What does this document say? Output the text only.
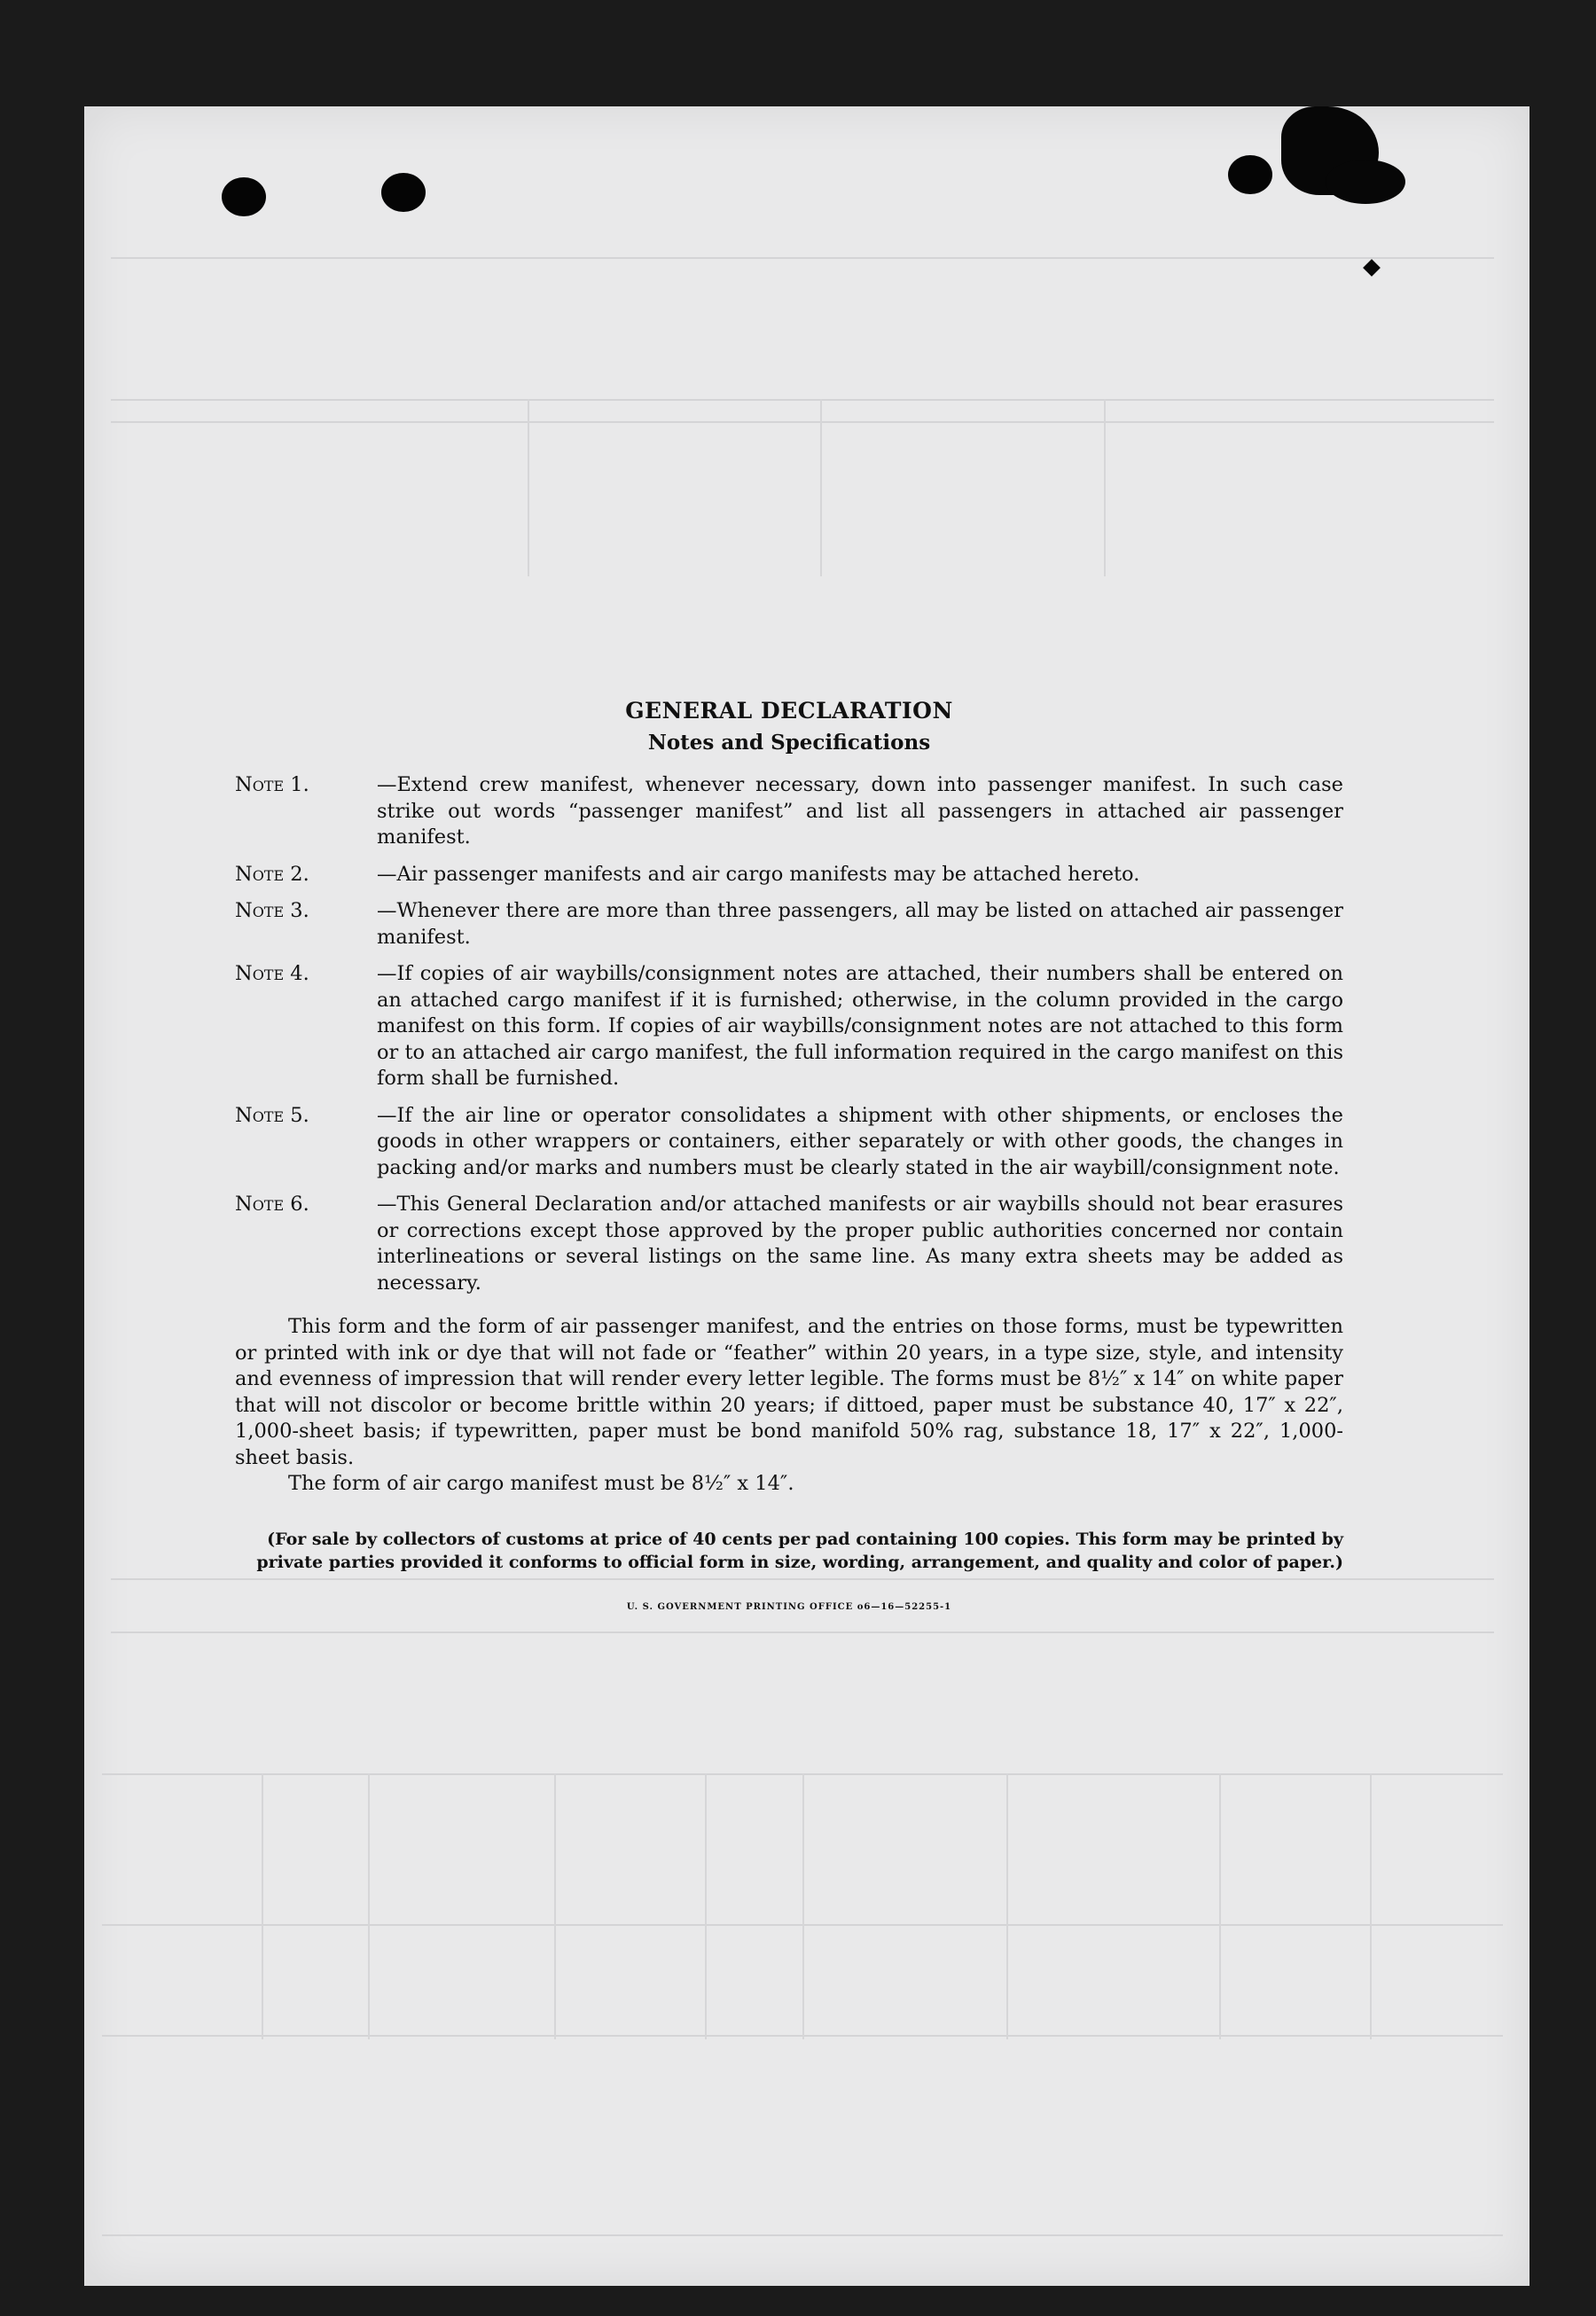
GENERAL DECLARATION
Notes and Specifications
Note 1.	—Extend crew manifest, whenever necessary, down into passenger manifest. In such case strike out words “passenger manifest” and list all passengers in attached air passenger manifest.
Note 2.	—Air passenger manifests and air cargo manifests may be attached hereto.
Note 3.	—Whenever there are more than three passengers, all may be listed on attached air passenger manifest.
Note 4.	—If copies of air waybills/consignment notes are attached, their numbers shall be entered on an attached cargo manifest if it is furnished; otherwise, in the column provided in the cargo manifest on this form. If copies of air waybills/consignment notes are not attached to this form or to an attached air cargo manifest, the full information required in the cargo manifest on this form shall be furnished.
Note 5.	—If the air line or operator consolidates a shipment with other shipments, or encloses the goods in other wrappers or containers, either separately or with other goods, the changes in packing and/or marks and numbers must be clearly stated in the air waybill/consignment note.
Note 6.	—This General Declaration and/or attached manifests or air waybills should not bear erasures or corrections except those approved by the proper public authorities concerned nor contain interlineations or several listings on the same line. As many extra sheets may be added as necessary.

This form and the form of air passenger manifest, and the entries on those forms, must be typewritten or printed with ink or dye that will not fade or “feather” within 20 years, in a type size, style, and intensity and evenness of impression that will render every letter legible. The forms must be 8½″ x 14″ on white paper that will not discolor or become brittle within 20 years; if dittoed, paper must be substance 40, 17″ x 22″, 1,000-sheet basis; if typewritten, paper must be bond manifold 50% rag, substance 18, 17″ x 22″, 1,000-sheet basis.

The form of air cargo manifest must be 8½″ x 14″.

(For sale by collectors of customs at price of 40 cents per pad containing 100 copies. This form may be printed by private parties provided it conforms to official form in size, wording, arrangement, and quality and color of paper.)
U. S. GOVERNMENT PRINTING OFFICE o6—16—52255-1
